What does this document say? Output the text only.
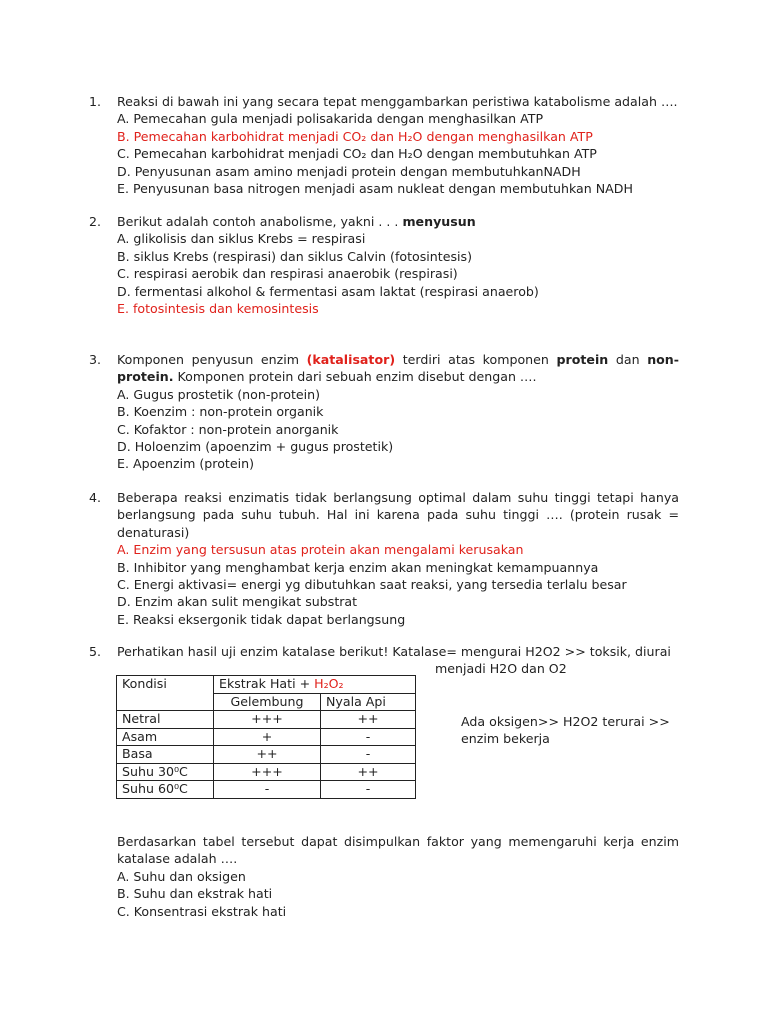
1. Reaksi di bawah ini yang secara tepat menggambarkan peristiwa katabolisme adalah ….
A. Pemecahan gula menjadi polisakarida dengan menghasilkan ATP
B. Pemecahan karbohidrat menjadi CO₂ dan H₂O dengan menghasilkan ATP
C. Pemecahan karbohidrat menjadi CO₂ dan H₂O dengan membutuhkan ATP
D. Penyusunan asam amino menjadi protein dengan membutuhkanNADH
E. Penyusunan basa nitrogen menjadi asam nukleat dengan membutuhkan NADH
2. Berikut adalah contoh anabolisme, yakni . . . menyusun
A. glikolisis dan siklus Krebs = respirasi
B. siklus Krebs (respirasi) dan siklus Calvin (fotosintesis)
C. respirasi aerobik dan respirasi anaerobik (respirasi)
D. fermentasi alkohol & fermentasi asam laktat (respirasi anaerob)
E. fotosintesis dan kemosintesis
3. Komponen penyusun enzim (katalisator) terdiri atas komponen protein dan non-protein. Komponen protein dari sebuah enzim disebut dengan ….
A. Gugus prostetik (non-protein)
B. Koenzim : non-protein organik
C. Kofaktor : non-protein anorganik
D. Holoenzim (apoenzim + gugus prostetik)
E. Apoenzim (protein)
4. Beberapa reaksi enzimatis tidak berlangsung optimal dalam suhu tinggi tetapi hanya berlangsung pada suhu tubuh. Hal ini karena pada suhu tinggi …. (protein rusak = denaturasi)
A. Enzim yang tersusun atas protein akan mengalami kerusakan
B. Inhibitor yang menghambat kerja enzim akan meningkat kemampuannya
C. Energi aktivasi= energi yg dibutuhkan saat reaksi, yang tersedia terlalu besar
D. Enzim akan sulit mengikat substrat
E. Reaksi eksergonik tidak dapat berlangsung
5. Perhatikan hasil uji enzim katalase berikut! Katalase= mengurai H2O2 >> toksik, diurai
menjadi H2O dan O2
Kondisi	Ekstrak Hati + H₂O₂	
	Gelembung	Nyala Api
Netral	+++	++
Asam	+	-
Basa	++	-
Suhu 30⁰C	+++	++
Suhu 60⁰C	-	-
Ada oksigen>> H2O2 terurai >>
enzim bekerja
Berdasarkan tabel tersebut dapat disimpulkan faktor yang memengaruhi kerja enzim katalase adalah ….
A. Suhu dan oksigen
B. Suhu dan ekstrak hati
C. Konsentrasi ekstrak hati
